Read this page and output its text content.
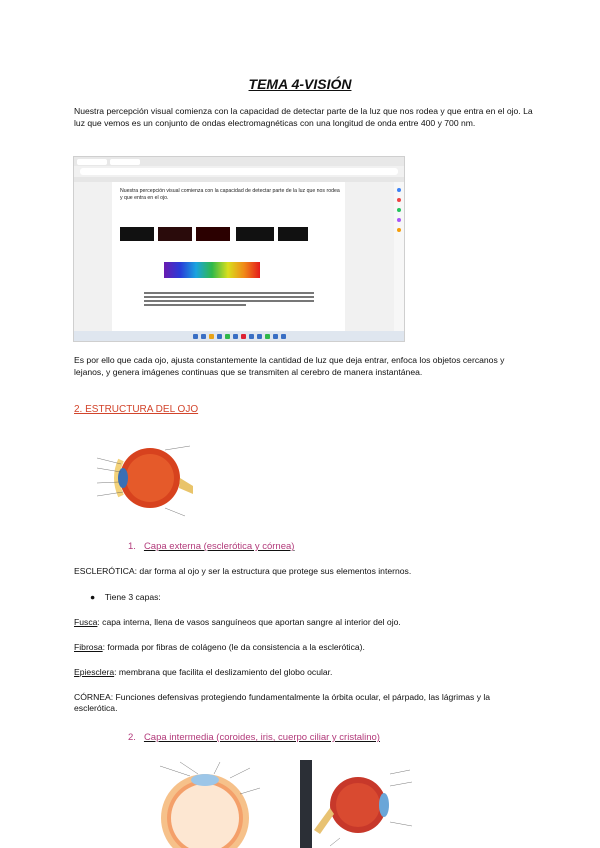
TEMA 4-VISIÓN
Nuestra percepción visual comienza con la capacidad de detectar parte de la luz que nos rodea y que entra en el ojo. La luz que vemos es un conjunto de ondas electromagnéticas con una longitud de onda entre 400 y 700 nm.
Nuestra percepción visual comienza con la capacidad de detectar parte de la luz que nos rodea y que entra en el ojo.
Es por ello que cada ojo, ajusta constantemente la cantidad de luz que deja entrar, enfoca los objetos cercanos y lejanos, y genera imágenes continuas que se transmiten al cerebro de manera instantánea.
2. ESTRUCTURA DEL OJO
1. Capa externa (esclerótica y córnea)
ESCLERÓTICA: dar forma al ojo y ser la estructura que protege sus elementos internos.
● Tiene 3 capas:
Fusca: capa interna, llena de vasos sanguíneos que aportan sangre al interior del ojo.
Fibrosa: formada por fibras de colágeno (le da consistencia a la esclerótica).
Epiesclera: membrana que facilita el deslizamiento del globo ocular.
CÓRNEA: Funciones defensivas protegiendo fundamentalmente la órbita ocular, el párpado, las lágrimas y la esclerótica.
2. Capa intermedia (coroides, iris, cuerpo ciliar y cristalino)
